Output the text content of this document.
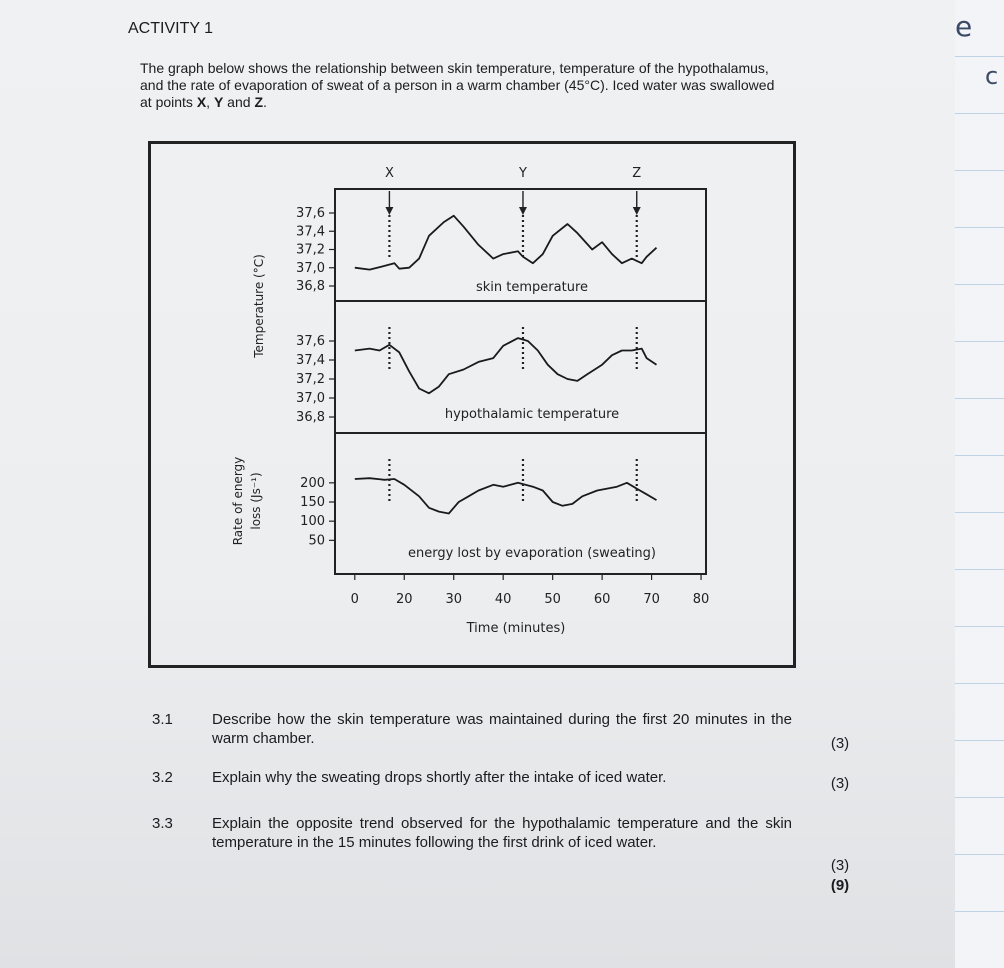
e
c
ACTIVITY 1
The graph below shows the relationship between skin temperature, temperature of the hypothalamus, and the rate of evaporation of sweat of a person in a warm chamber (45°C). Iced water was swallowed at points X, Y and Z.
37,6
37,4
37,2
37,0
36,8	skin temperature
37,6
37,4
37,2
37,0
36,8	hypothalamic temperature
200
150
100
50
energy lost by evaporation (sweating)
X	Y	Z
0	20	30	40	50	60	70	80
Time (minutes)
Temperature (°C)
Rate of energy loss (Js⁻¹)
3.1	Describe how the skin temperature was maintained during the first 20 minutes in the warm chamber.	(3)
3.2	Explain why the sweating drops shortly after the intake of iced water.	(3)
3.3	Explain the opposite trend observed for the hypothalamic temperature and the skin temperature in the 15 minutes following the first drink of iced water.
(3)
(9)
